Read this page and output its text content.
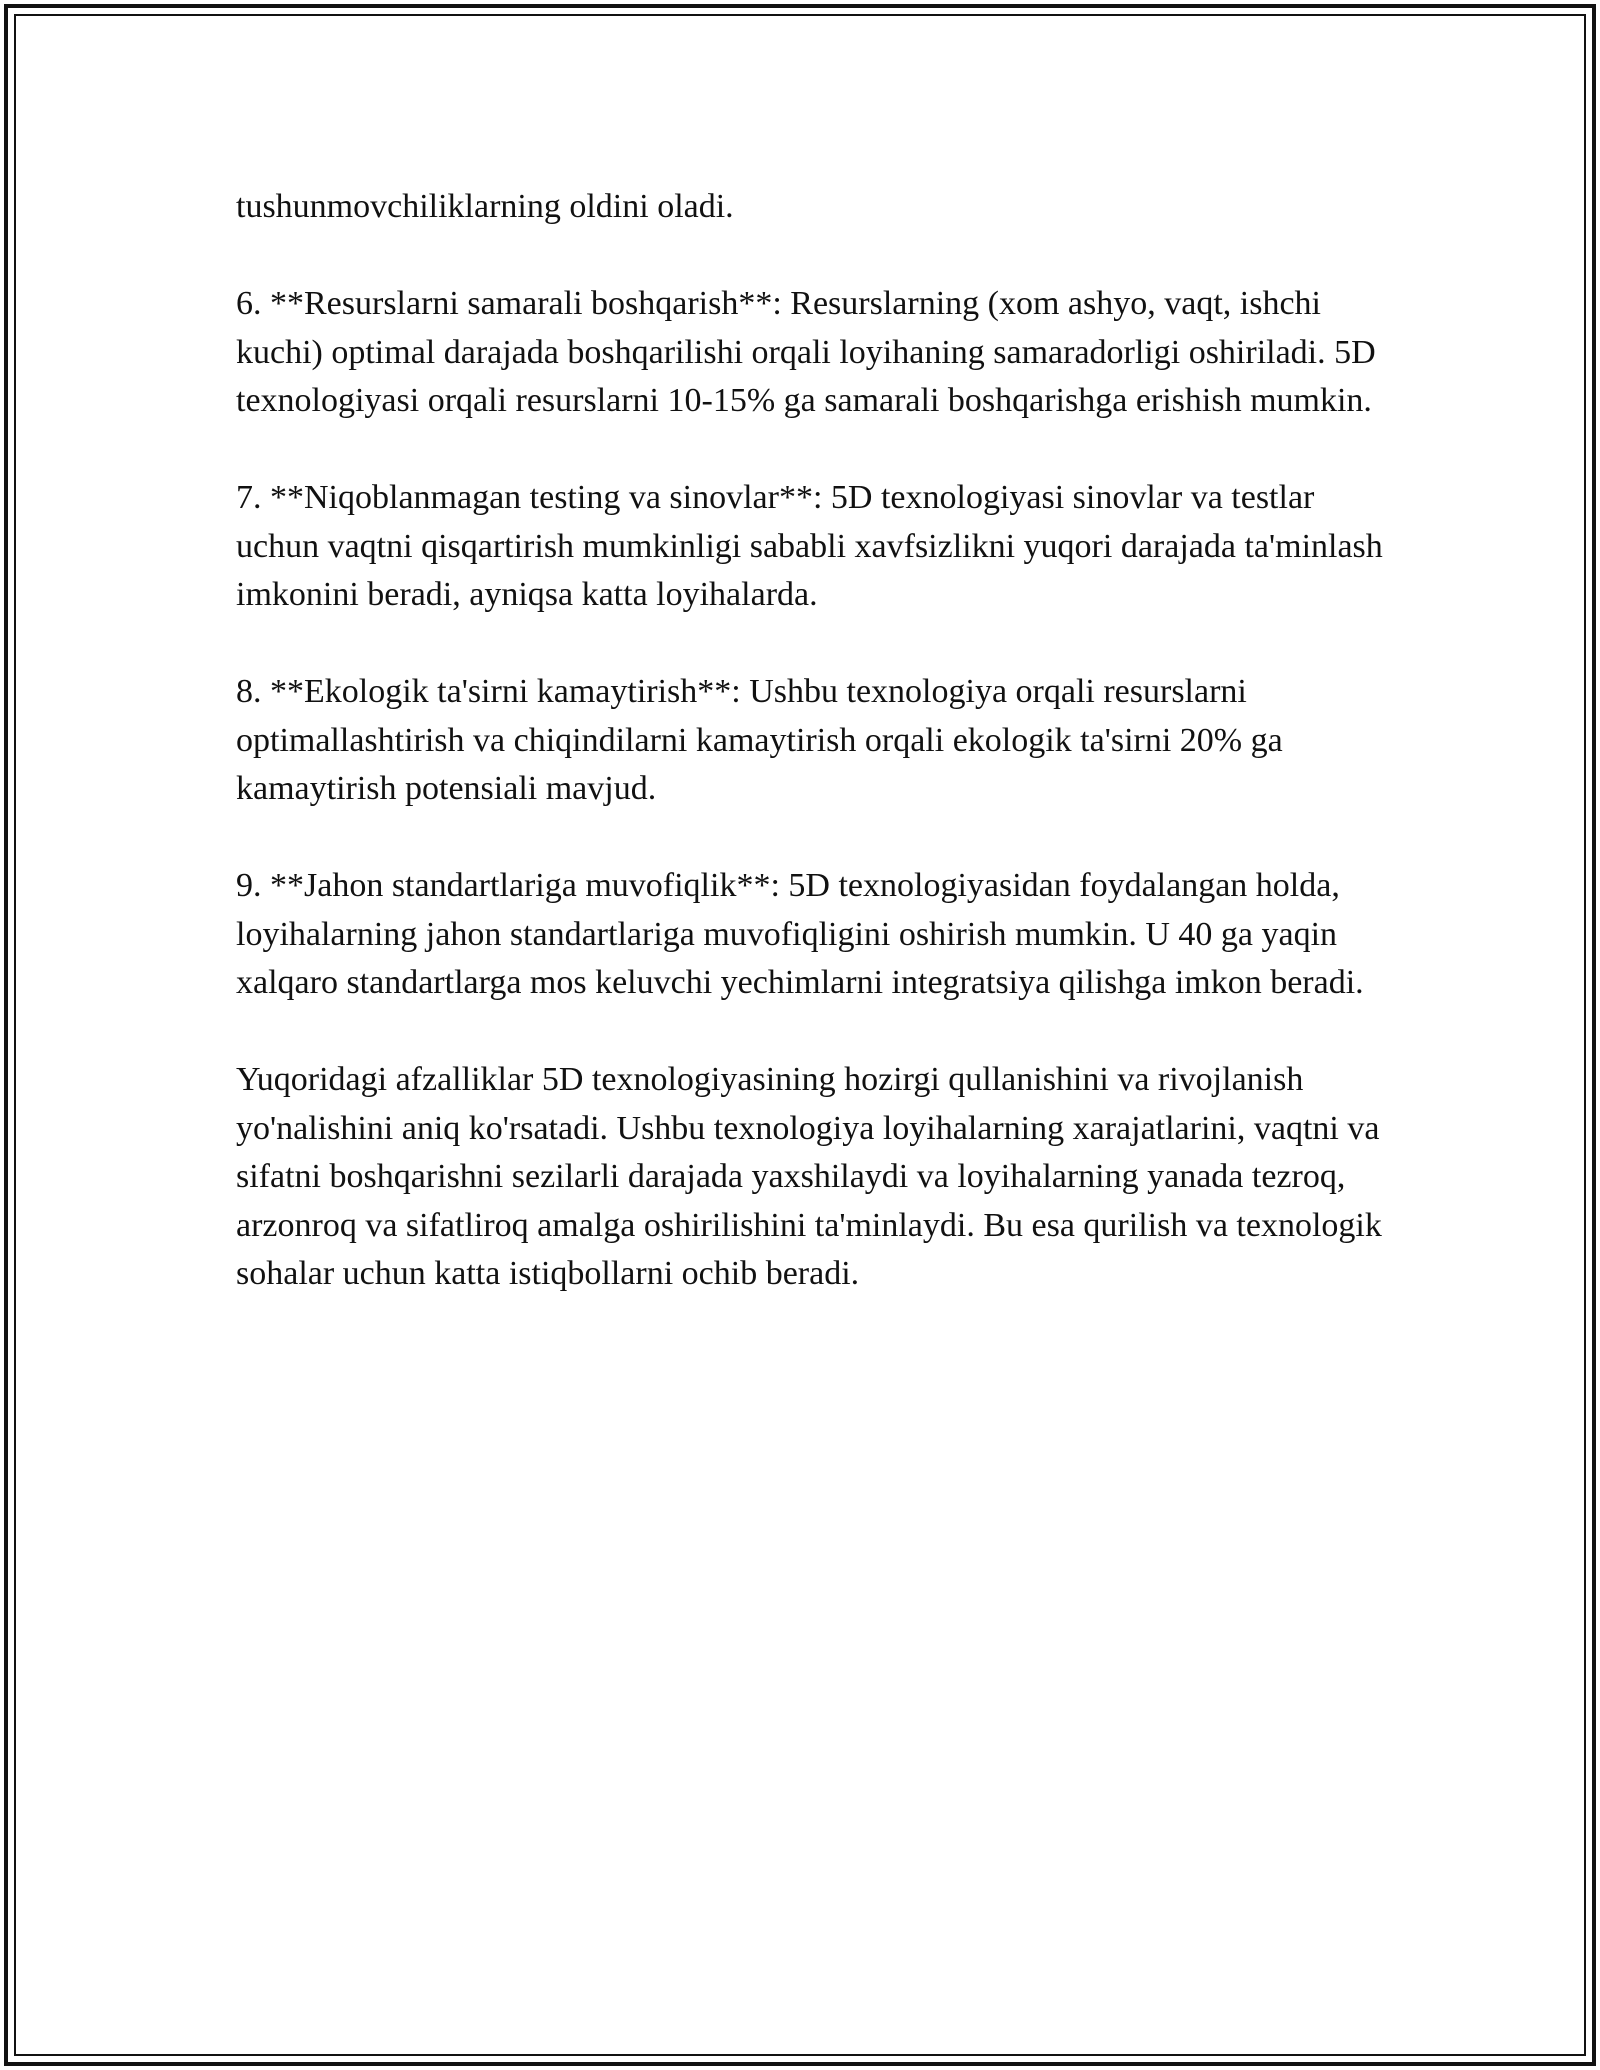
tushunmovchiliklarning oldini oladi.

6. **Resurslarni samarali boshqarish**: Resurslarning (xom ashyo, vaqt, ishchi kuchi) optimal darajada boshqarilishi orqali loyihaning samaradorligi oshiriladi. 5D texnologiyasi orqali resurslarni 10-15% ga samarali boshqarishga erishish mumkin.

7. **Niqoblanmagan testing va sinovlar**: 5D texnologiyasi sinovlar va testlar uchun vaqtni qisqartirish mumkinligi sababli xavfsizlikni yuqori darajada ta'minlash imkonini beradi, ayniqsa katta loyihalarda.

8. **Ekologik ta'sirni kamaytirish**: Ushbu texnologiya orqali resurslarni optimallashtirish va chiqindilarni kamaytirish orqali ekologik ta'sirni 20% ga kamaytirish potensiali mavjud.

9. **Jahon standartlariga muvofiqlik**: 5D texnologiyasidan foydalangan holda, loyihalarning jahon standartlariga muvofiqligini oshirish mumkin. U 40 ga yaqin xalqaro standartlarga mos keluvchi yechimlarni integratsiya qilishga imkon beradi.

Yuqoridagi afzalliklar 5D texnologiyasining hozirgi qullanishini va rivojlanish yo'nalishini aniq ko'rsatadi. Ushbu texnologiya loyihalarning xarajatlarini, vaqtni va sifatni boshqarishni sezilarli darajada yaxshilaydi va loyihalarning yanada tezroq, arzonroq va sifatliroq amalga oshirilishini ta'minlaydi. Bu esa qurilish va texnologik sohalar uchun katta istiqbollarni ochib beradi.
